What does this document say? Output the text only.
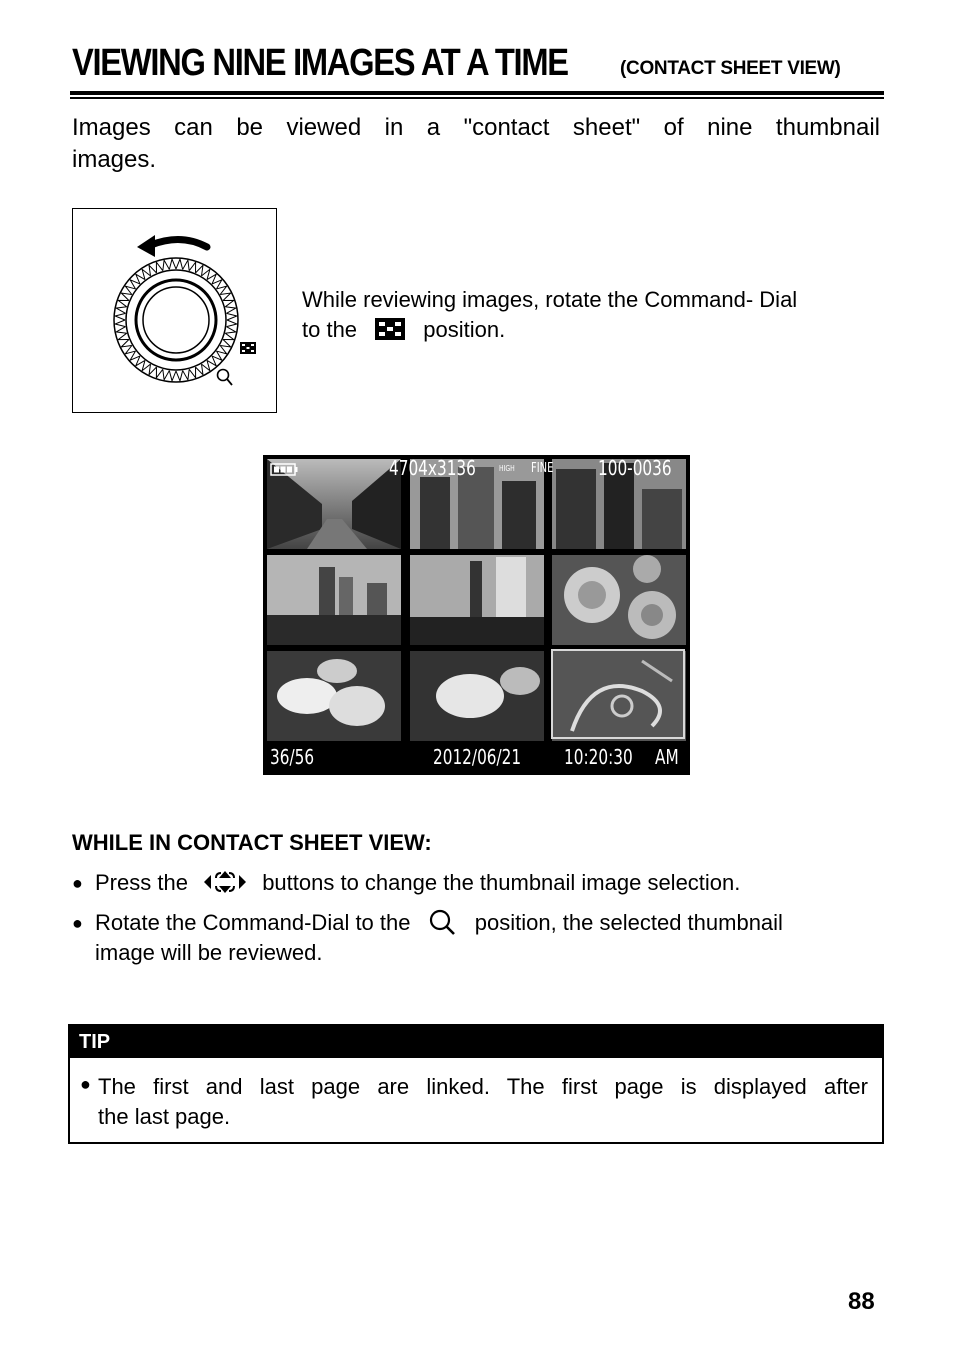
VIEWING NINE IMAGES AT A TIME	(CONTACT SHEET VIEW)
Images can be viewed in a "contact sheet" of nine thumbnail
images.
While reviewing images, rotate the Command- Dial
to the	position.
4704x3136	HIGH FINE 100-0036
36/56	2012/06/21 10:20:30 AM
WHILE IN CONTACT SHEET VIEW:
● Press the	buttons to change the thumbnail image selection.
● Rotate the Command-Dial to the	position, the selected thumbnail
image will be reviewed.
TIP
● The first and last page are linked. The first page is displayed after
the last page.
88
